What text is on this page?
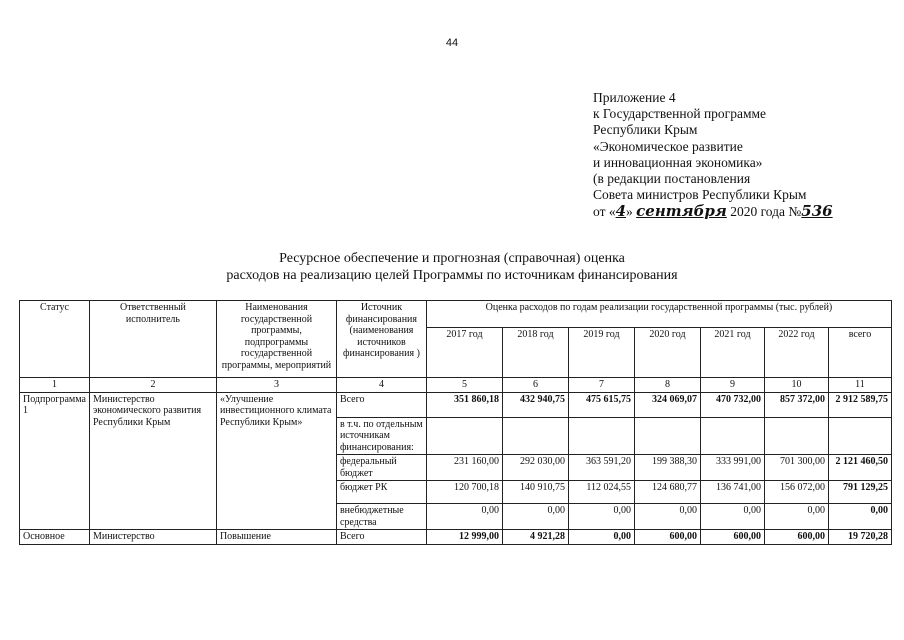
44
Приложение 4
к Государственной программе
Республики Крым
«Экономическое развитие
и инновационная экономика»
(в редакции постановления
Совета министров Республики Крым
от «4» сентября 2020 года №536
Ресурсное обеспечение и прогнозная (справочная) оценка
расходов на реализацию целей Программы по источникам финансирования
Статус	Ответственный исполнитель	Наименования государственной программы, подпрограммы государственной программы, мероприятий	Источник финансирования (наименования источников финансирования )	Оценка расходов по годам реализации государственной программы (тыс. рублей)						
				2017 год	2018 год	2019 год	2020 год	2021 год	2022 год	всего
1	2	3	4	5	6	7	8	9	10	11
Подпрограмма 1	Министерство экономического развития Республики Крым	«Улучшение инвестиционного климата Республики Крым»	Всего	351 860,18	432 940,75	475 615,75	324 069,07	470 732,00	857 372,00	2 912 589,75
			в т.ч. по отдельным источникам финансирования:							
			федеральный бюджет	231 160,00	292 030,00	363 591,20	199 388,30	333 991,00	701 300,00	2 121 460,50
			бюджет РК	120 700,18	140 910,75	112 024,55	124 680,77	136 741,00	156 072,00	791 129,25
			внебюджетные средства	0,00	0,00	0,00	0,00	0,00	0,00	0,00
Основное	Министерство	Повышение	Всего	12 999,00	4 921,28	0,00	600,00	600,00	600,00	19 720,28
